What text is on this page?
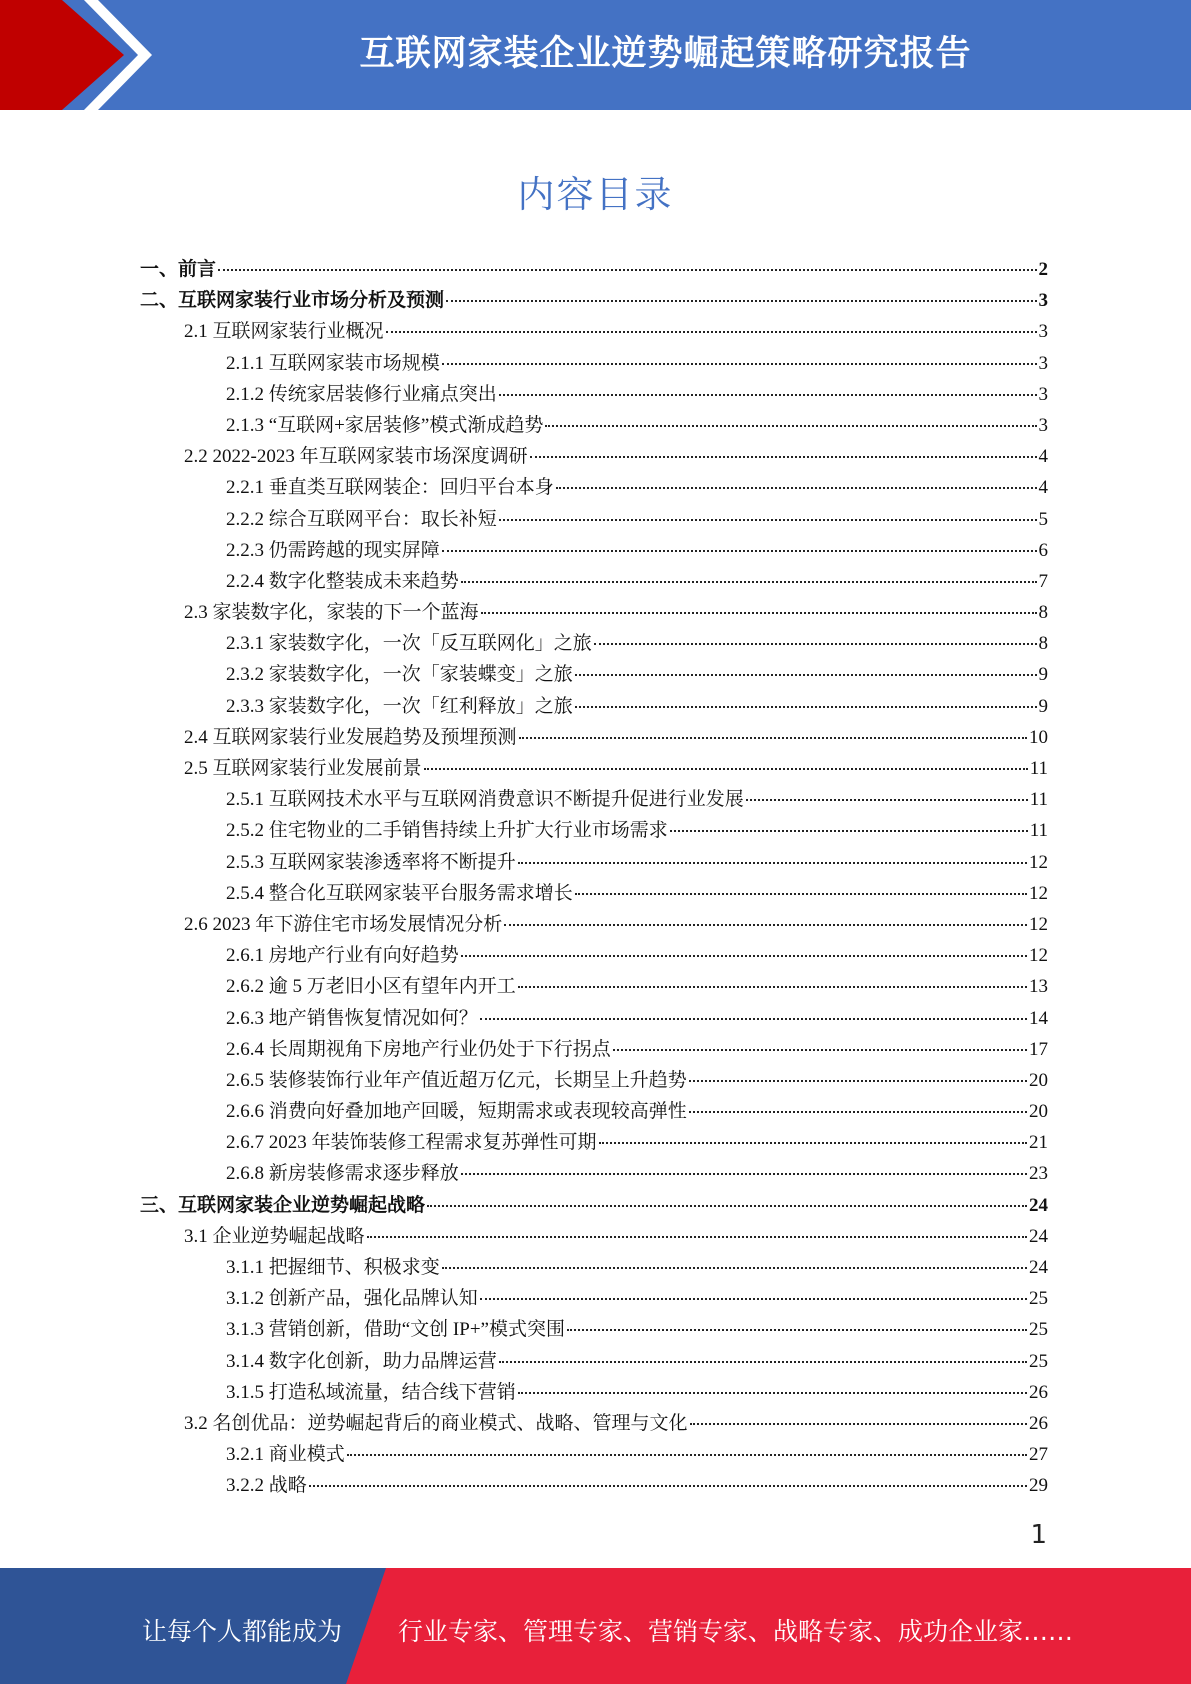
互联网家装企业逆势崛起策略研究报告
内容目录
一、前言	2
二、互联网家装行业市场分析及预测	3
2.1 互联网家装行业概况	3
2.1.1 互联网家装市场规模	3
2.1.2 传统家居装修行业痛点突出	3
2.1.3 “互联网+家居装修”模式渐成趋势	3
2.2 2022-2023 年互联网家装市场深度调研	4
2.2.1 垂直类互联网装企：回归平台本身	4
2.2.2 综合互联网平台：取长补短	5
2.2.3 仍需跨越的现实屏障	6
2.2.4 数字化整装成未来趋势	7
2.3 家装数字化，家装的下一个蓝海	8
2.3.1 家装数字化，一次「反互联网化」之旅	8
2.3.2 家装数字化，一次「家装蝶变」之旅	9
2.3.3 家装数字化，一次「红利释放」之旅	9
2.4 互联网家装行业发展趋势及预埋预测	10
2.5 互联网家装行业发展前景	11
2.5.1 互联网技术水平与互联网消费意识不断提升促进行业发展	11
2.5.2 住宅物业的二手销售持续上升扩大行业市场需求	11
2.5.3 互联网家装渗透率将不断提升	12
2.5.4 整合化互联网家装平台服务需求增长	12
2.6 2023 年下游住宅市场发展情况分析	12
2.6.1 房地产行业有向好趋势	12
2.6.2 逾 5 万老旧小区有望年内开工	13
2.6.3 地产销售恢复情况如何？	14
2.6.4 长周期视角下房地产行业仍处于下行拐点	17
2.6.5 装修装饰行业年产值近超万亿元，长期呈上升趋势	20
2.6.6 消费向好叠加地产回暖，短期需求或表现较高弹性	20
2.6.7 2023 年装饰装修工程需求复苏弹性可期	21
2.6.8 新房装修需求逐步释放	23
三、互联网家装企业逆势崛起战略	24
3.1 企业逆势崛起战略	24
3.1.1 把握细节、积极求变	24
3.1.2 创新产品，强化品牌认知	25
3.1.3 营销创新，借助“文创 IP+”模式突围	25
3.1.4 数字化创新，助力品牌运营	25
3.1.5 打造私域流量，结合线下营销	26
3.2 名创优品：逆势崛起背后的商业模式、战略、管理与文化	26
3.2.1 商业模式	27
3.2.2 战略	29
1
让每个人都能成为 行业专家、管理专家、营销专家、战略专家、成功企业家……
